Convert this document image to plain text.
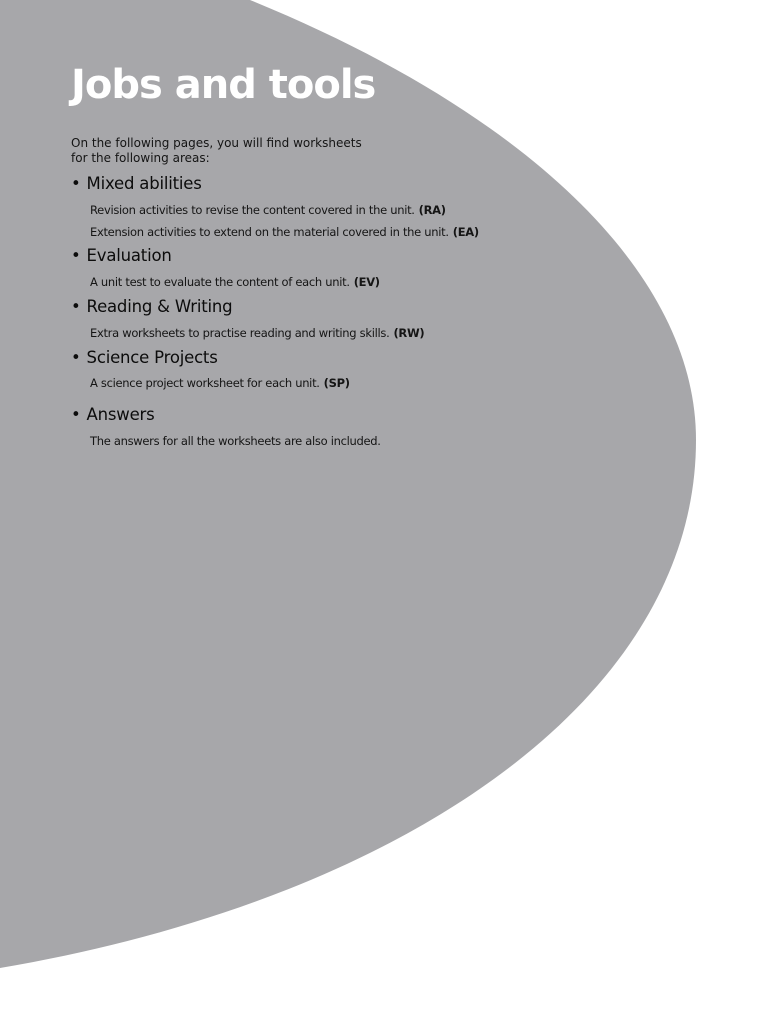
Jobs and tools

On the following pages, you will find worksheets
for the following areas:

• Mixed abilities

Revision activities to revise the content covered in the unit. (RA)

Extension activities to extend on the material covered in the unit. (EA)

• Evaluation

A unit test to evaluate the content of each unit. (EV)

• Reading & Writing

Extra worksheets to practise reading and writing skills. (RW)

• Science Projects

A science project worksheet for each unit. (SP)

• Answers

The answers for all the worksheets are also included.
